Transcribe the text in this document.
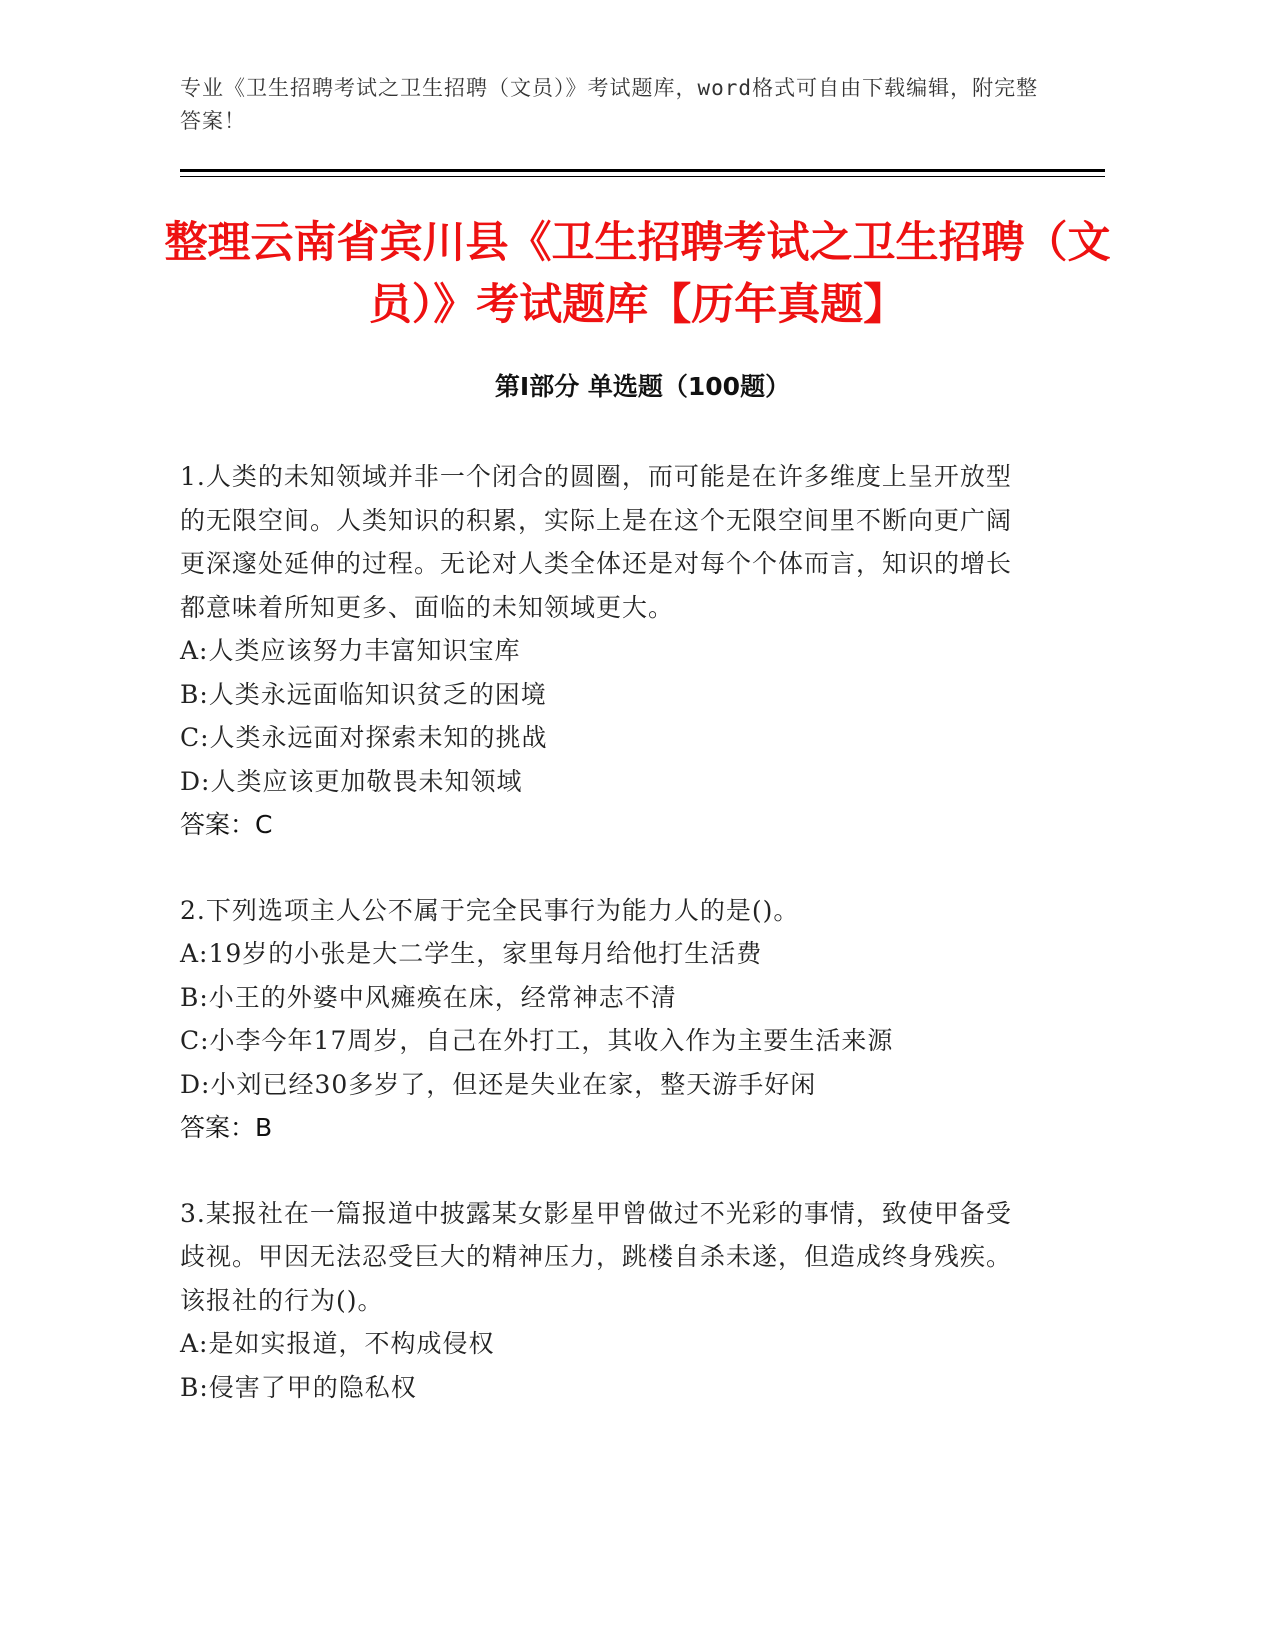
专业《卫生招聘考试之卫生招聘（文员）》考试题库，word格式可自由下载编辑，附完整答案！
整理云南省宾川县《卫生招聘考试之卫生招聘（文员）》考试题库【历年真题】
第Ⅰ部分 单选题（100题）

1.人类的未知领域并非一个闭合的圆圈，而可能是在许多维度上呈开放型的无限空间。人类知识的积累，实际上是在这个无限空间里不断向更广阔更深邃处延伸的过程。无论对人类全体还是对每个个体而言，知识的增长都意味着所知更多、面临的未知领域更大。

A:人类应该努力丰富知识宝库

B:人类永远面临知识贫乏的困境

C:人类永远面对探索未知的挑战

D:人类应该更加敬畏未知领域

答案：C

2.下列选项主人公不属于完全民事行为能力人的是()。

A:19岁的小张是大二学生，家里每月给他打生活费

B:小王的外婆中风瘫痪在床，经常神志不清

C:小李今年17周岁，自己在外打工，其收入作为主要生活来源

D:小刘已经30多岁了，但还是失业在家，整天游手好闲

答案：B

3.某报社在一篇报道中披露某女影星甲曾做过不光彩的事情，致使甲备受歧视。甲因无法忍受巨大的精神压力，跳楼自杀未遂，但造成终身残疾。该报社的行为()。

A:是如实报道，不构成侵权

B:侵害了甲的隐私权
